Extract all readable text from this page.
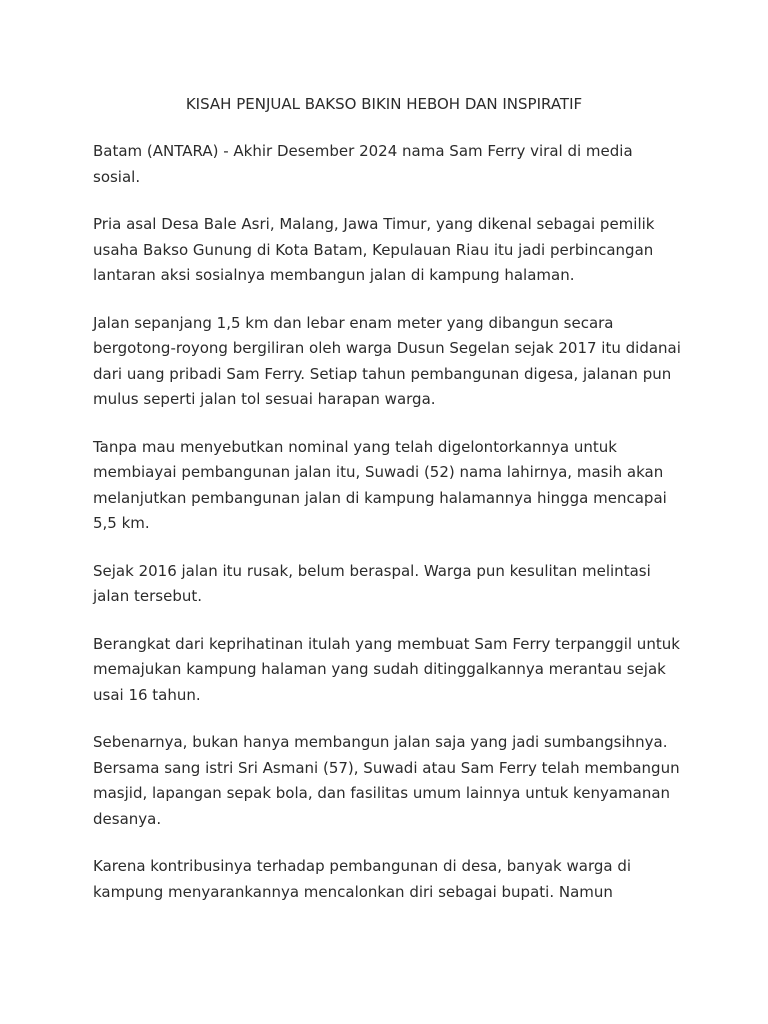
KISAH PENJUAL BAKSO BIKIN HEBOH DAN INSPIRATIF

Batam (ANTARA) - Akhir Desember 2024 nama Sam Ferry viral di media sosial.

Pria asal Desa Bale Asri, Malang, Jawa Timur, yang dikenal sebagai pemilik usaha Bakso Gunung di Kota Batam, Kepulauan Riau itu jadi perbincangan lantaran aksi sosialnya membangun jalan di kampung halaman.

Jalan sepanjang 1,5 km dan lebar enam meter yang dibangun secara bergotong-royong bergiliran oleh warga Dusun Segelan sejak 2017 itu didanai dari uang pribadi Sam Ferry. Setiap tahun pembangunan digesa, jalanan pun mulus seperti jalan tol sesuai harapan warga.

Tanpa mau menyebutkan nominal yang telah digelontorkannya untuk membiayai pembangunan jalan itu, Suwadi (52) nama lahirnya, masih akan melanjutkan pembangunan jalan di kampung halamannya hingga mencapai 5,5 km.

Sejak 2016 jalan itu rusak, belum beraspal. Warga pun kesulitan melintasi jalan tersebut.

Berangkat dari keprihatinan itulah yang membuat Sam Ferry terpanggil untuk memajukan kampung halaman yang sudah ditinggalkannya merantau sejak usai 16 tahun.

Sebenarnya, bukan hanya membangun jalan saja yang jadi sumbangsihnya. Bersama sang istri Sri Asmani (57), Suwadi atau Sam Ferry telah membangun masjid, lapangan sepak bola, dan fasilitas umum lainnya untuk kenyamanan desanya.

Karena kontribusinya terhadap pembangunan di desa, banyak warga di kampung menyarankannya mencalonkan diri sebagai bupati. Namun
